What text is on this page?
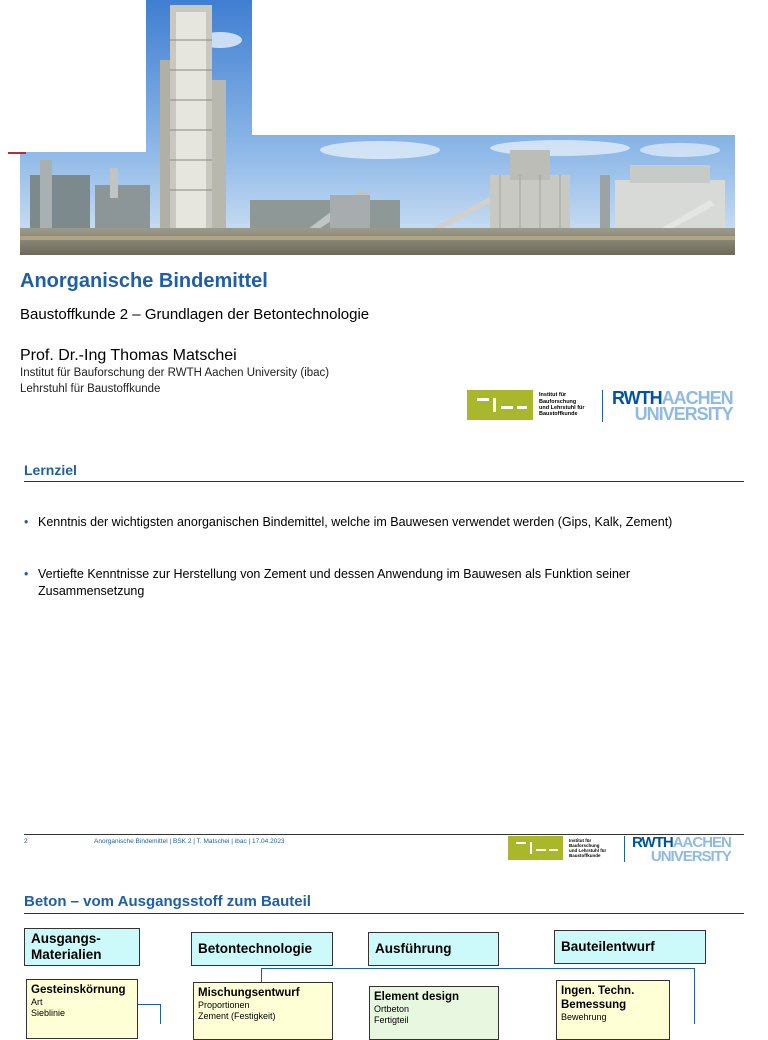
Anorganische Bindemittel
Baustoffkunde 2 – Grundlagen der Betontechnologie
Prof. Dr.-Ing Thomas Matschei
Institut für Bauforschung der RWTH Aachen University (ibac)
Lehrstuhl für Baustoffkunde
Institut für
Bauforschung
und Lehrstuhl für
Baustoffkunde
RWTHAACHEN
UNIVERSITY
Lernziel
• Kenntnis der wichtigsten anorganischen Bindemittel, welche im Bauwesen verwendet werden (Gips, Kalk, Zement)
• Vertiefte Kenntnisse zur Herstellung von Zement und dessen Anwendung im Bauwesen als Funktion seiner Zusammensetzung
2	Anorganische Bindemittel | BSK 2 | T. Matschei | ibac | 17.04.2023	Institut für
Bauforschung
und Lehrstuhl für
Baustoffkunde
RWTHAACHEN
UNIVERSITY
Beton – vom Ausgangsstoff zum Bauteil
Ausgangs-
Materialien	Betontechnologie	Ausführung	Bauteilentwurf
Gesteinskörnung
Art
Sieblinie
Mischungsentwurf
Proportionen
Zement (Festigkeit)
Element design
Ortbeton
Fertigteil
Ingen. Techn.
Bemessung
Bewehrung
